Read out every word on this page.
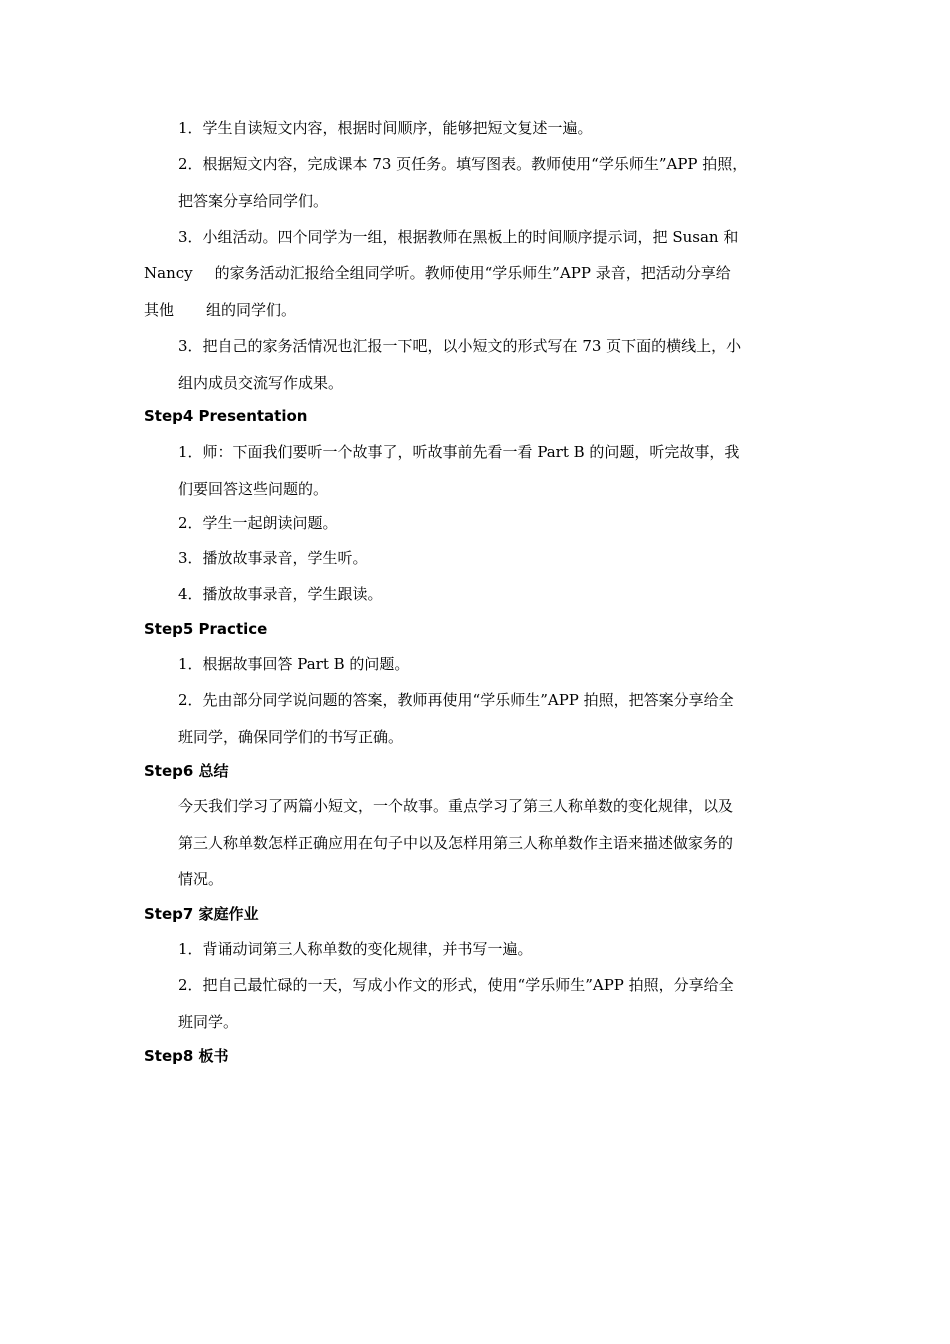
1．学生自读短文内容，根据时间顺序，能够把短文复述一遍。
2．根据短文内容，完成课本 73 页任务。填写图表。教师使用“学乐师生”APP 拍照，
把答案分享给同学们。
3．小组活动。四个同学为一组，根据教师在黑板上的时间顺序提示词，把 Susan 和
Nancy 的家务活动汇报给全组同学听。教师使用“学乐师生”APP 录音，把活动分享给
其他 组的同学们。
3．把自己的家务活情况也汇报一下吧，以小短文的形式写在 73 页下面的横线上，小
组内成员交流写作成果。
Step4 Presentation
1．师：下面我们要听一个故事了，听故事前先看一看 Part B 的问题，听完故事，我
们要回答这些问题的。
2．学生一起朗读问题。
3．播放故事录音，学生听。
4．播放故事录音，学生跟读。
Step5 Practice
1．根据故事回答 Part B 的问题。
2．先由部分同学说问题的答案，教师再使用“学乐师生”APP 拍照，把答案分享给全
班同学，确保同学们的书写正确。
Step6 总结
今天我们学习了两篇小短文，一个故事。重点学习了第三人称单数的变化规律，以及
第三人称单数怎样正确应用在句子中以及怎样用第三人称单数作主语来描述做家务的
情况。
Step7 家庭作业
1．背诵动词第三人称单数的变化规律，并书写一遍。
2．把自己最忙碌的一天，写成小作文的形式，使用“学乐师生”APP 拍照，分享给全
班同学。
Step8 板书
